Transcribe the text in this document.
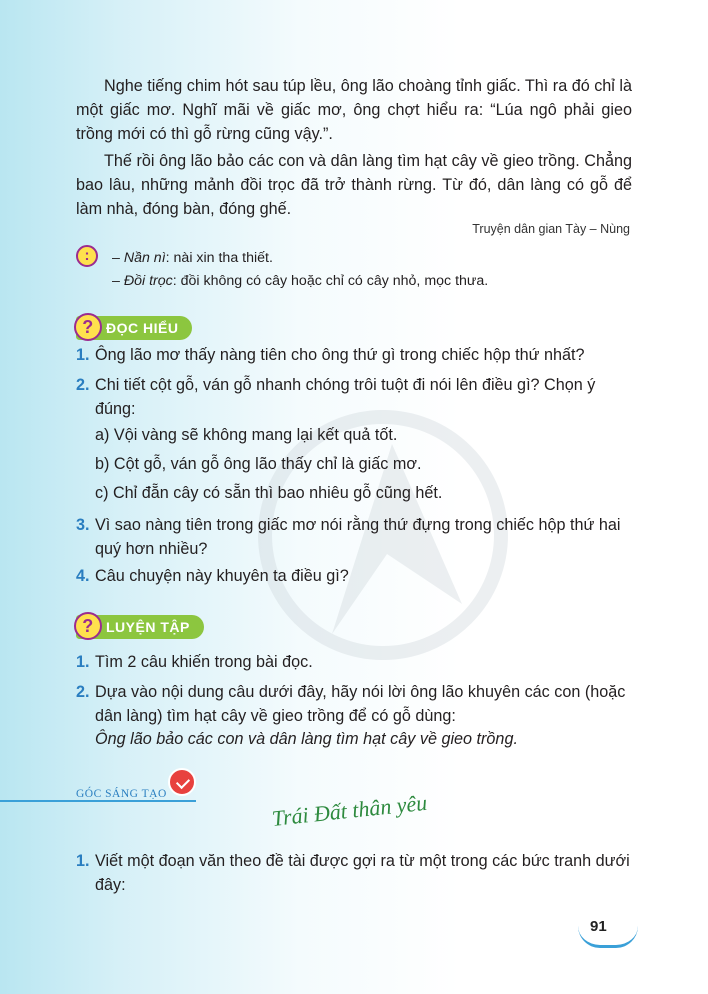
Nghe tiếng chim hót sau túp lều, ông lão choàng tỉnh giấc. Thì ra đó chỉ là một giấc mơ. Nghĩ mãi về giấc mơ, ông chợt hiểu ra: “Lúa ngô phải gieo trồng mới có thì gỗ rừng cũng vậy.”.

Thế rồi ông lão bảo các con và dân làng tìm hạt cây về gieo trồng. Chẳng bao lâu, những mảnh đồi trọc đã trở thành rừng. Từ đó, dân làng có gỗ để làm nhà, đóng bàn, đóng ghế.

Truyện dân gian Tày – Nùng
:	– Nần nì: nài xin tha thiết.
– Đồi trọc: đồi không có cây hoặc chỉ có cây nhỏ, mọc thưa.
? ĐỌC HIỂU
1. Ông lão mơ thấy nàng tiên cho ông thứ gì trong chiếc hộp thứ nhất?
2. Chi tiết cột gỗ, ván gỗ nhanh chóng trôi tuột đi nói lên điều gì? Chọn ý đúng:
a) Vội vàng sẽ không mang lại kết quả tốt.
b) Cột gỗ, ván gỗ ông lão thấy chỉ là giấc mơ.
c) Chỉ đẵn cây có sẵn thì bao nhiêu gỗ cũng hết.
3. Vì sao nàng tiên trong giấc mơ nói rằng thứ đựng trong chiếc hộp thứ hai quý hơn nhiều?
4. Câu chuyện này khuyên ta điều gì?
? LUYỆN TẬP
1. Tìm 2 câu khiến trong bài đọc.
2. Dựa vào nội dung câu dưới đây, hãy nói lời ông lão khuyên các con (hoặc dân làng) tìm hạt cây về gieo trồng để có gỗ dùng:
Ông lão bảo các con và dân làng tìm hạt cây về gieo trồng.
GÓC SÁNG TẠO	Trái Đất thân yêu
1. Viết một đoạn văn theo đề tài được gợi ra từ một trong các bức tranh dưới đây:
91
